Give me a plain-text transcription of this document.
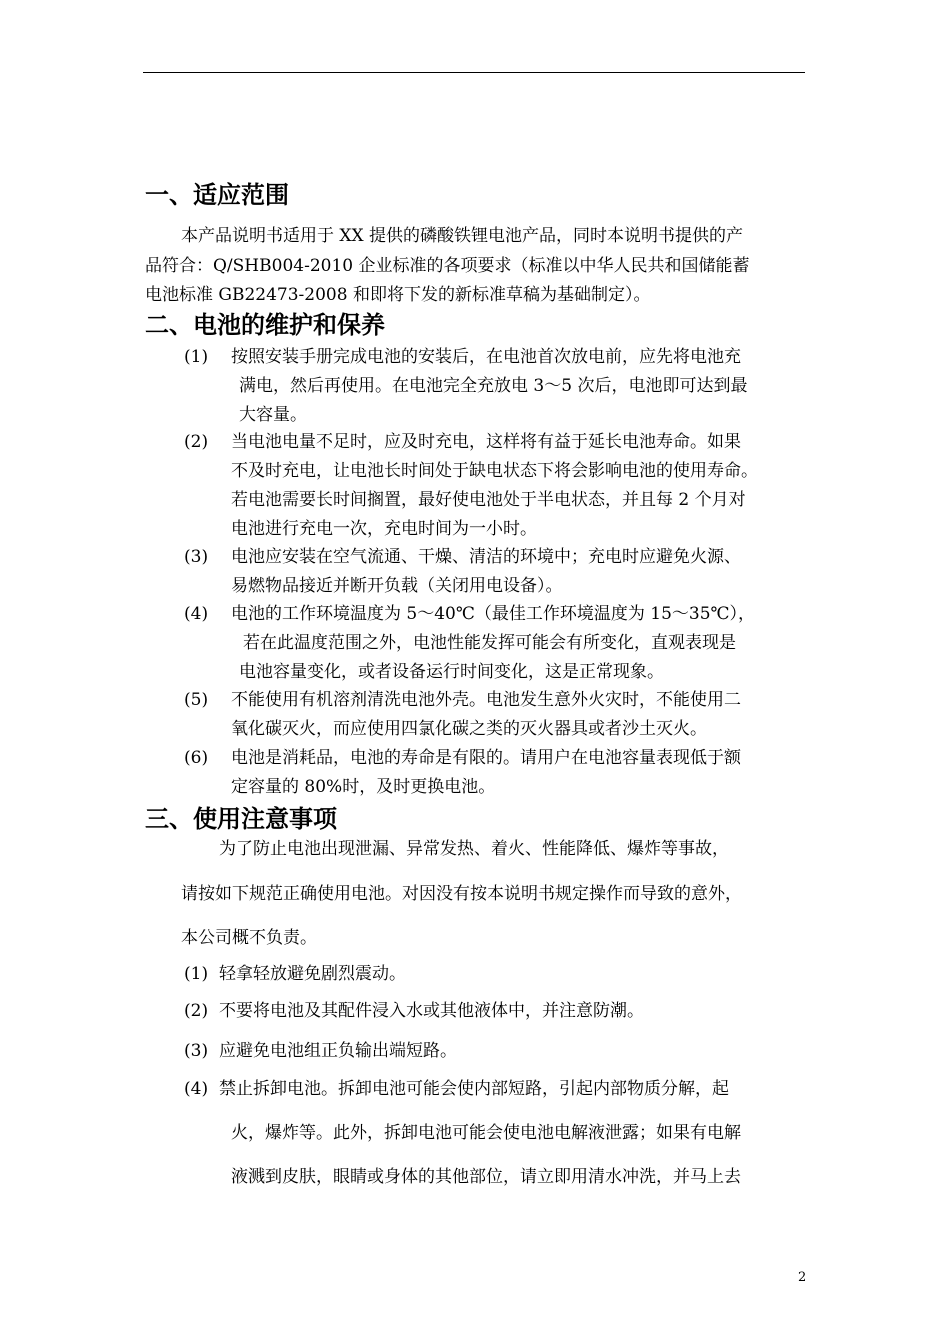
一、适应范围
本产品说明书适用于 XX 提供的磷酸铁锂电池产品，同时本说明书提供的产
品符合：Q/SHB004-2010 企业标准的各项要求（标准以中华人民共和国储能蓄
电池标准 GB22473-2008 和即将下发的新标准草稿为基础制定）。
二、电池的维护和保养
(1) 按照安装手册完成电池的安装后，在电池首次放电前，应先将电池充
满电，然后再使用。在电池完全充放电 3～5 次后，电池即可达到最
大容量。
(2) 当电池电量不足时，应及时充电，这样将有益于延长电池寿命。如果
不及时充电，让电池长时间处于缺电状态下将会影响电池的使用寿命。
若电池需要长时间搁置，最好使电池处于半电状态，并且每 2 个月对
电池进行充电一次，充电时间为一小时。
(3) 电池应安装在空气流通、干燥、清洁的环境中；充电时应避免火源、
易燃物品接近并断开负载（关闭用电设备）。
(4) 电池的工作环境温度为 5～40℃（最佳工作环境温度为 15～35℃），
若在此温度范围之外，电池性能发挥可能会有所变化，直观表现是
电池容量变化，或者设备运行时间变化，这是正常现象。
(5) 不能使用有机溶剂清洗电池外壳。电池发生意外火灾时，不能使用二
氧化碳灭火，而应使用四氯化碳之类的灭火器具或者沙土灭火。
(6) 电池是消耗品，电池的寿命是有限的。请用户在电池容量表现低于额
定容量的 80%时，及时更换电池。
三、使用注意事项
为了防止电池出现泄漏、异常发热、着火、性能降低、爆炸等事故，
请按如下规范正确使用电池。对因没有按本说明书规定操作而导致的意外，
本公司概不负责。
(1) 轻拿轻放避免剧烈震动。
(2) 不要将电池及其配件浸入水或其他液体中，并注意防潮。
(3) 应避免电池组正负输出端短路。
(4) 禁止拆卸电池。拆卸电池可能会使内部短路，引起内部物质分解，起
火，爆炸等。此外，拆卸电池可能会使电池电解液泄露；如果有电解
液溅到皮肤，眼睛或身体的其他部位，请立即用清水冲洗，并马上去
2
